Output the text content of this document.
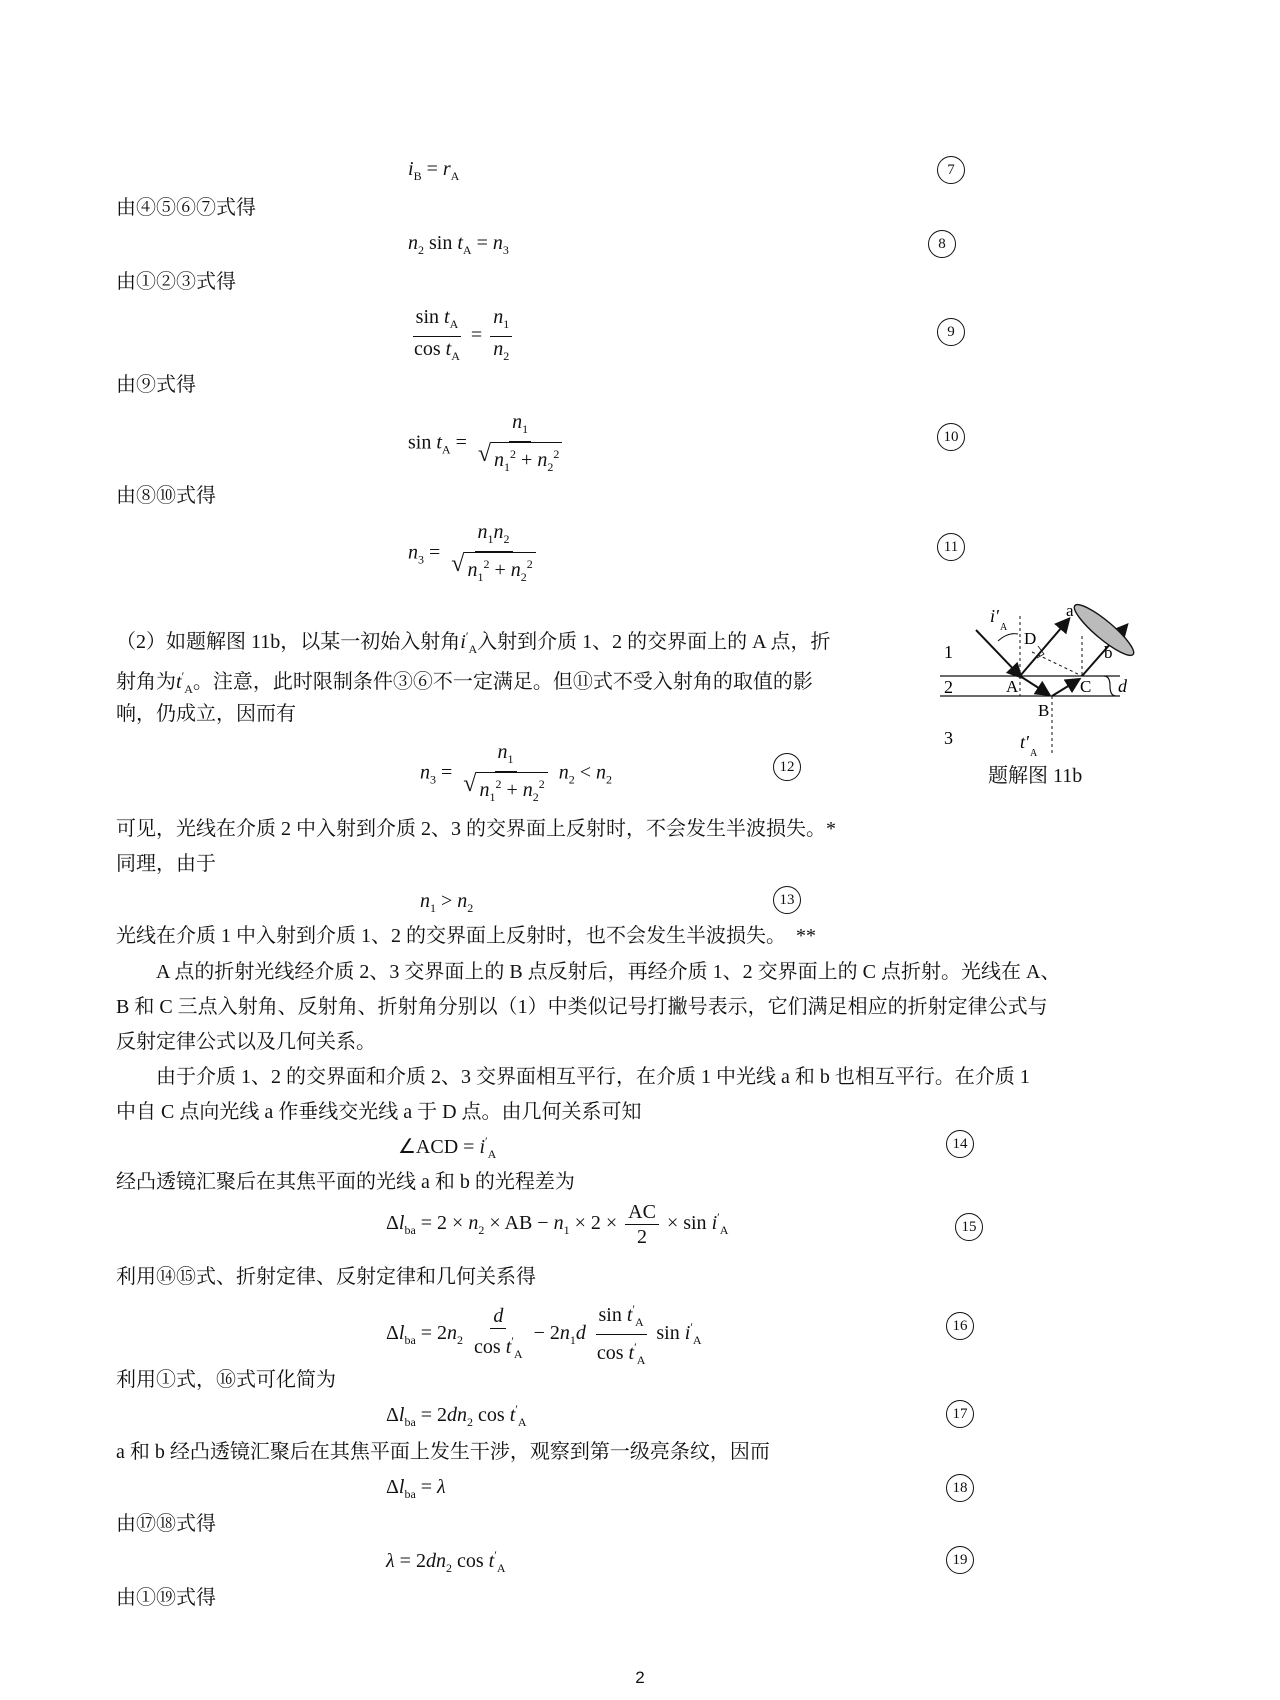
$i_B = r_A$	7
由④⑤⑥⑦式得
$n_2$ $\sin t_A = n_3$	8
由①②③式得
$\frac{\sin t_A}{\cos t_A} = \frac{n_1}{n_2}$	9
由⑨式得
$\sin t_A = \frac{n_1}{√ n_1^2 + n_2^2}$	10
由⑧⑩式得
$n_3 = \frac{n_1n_2}{√ n_1^2 + n_2^2}$	11
（2）如题解图 11b，以某一初始入射角$i'_A$入射到介质 1、2 的交界面上的 A 点，折
射角为$t'_A$。注意，此时限制条件③⑥不一定满足。但⑪式不受入射角的取值的影
响，仍成立，因而有
$n_3 = \frac{n_1}{√ n_1^2 + n_2^2} n_2 < n_2$
12
1
2
3
A
B
C
D
a
b
d
i′
A
t′
A
题解图 11b
可见，光线在介质 2 中入射到介质 2、3 的交界面上反射时，不会发生半波损失。*
同理，由于
$n_1 > n_2$	13
光线在介质 1 中入射到介质 1、2 的交界面上反射时，也不会发生半波损失。　**
A 点的折射光线经介质 2、3 交界面上的 B 点反射后，再经介质 1、2 交界面上的 C 点折射。光线在 A、
B 和 C 三点入射角、反射角、折射角分别以（1）中类似记号打撇号表示，它们满足相应的折射定律公式与
反射定律公式以及几何关系。
由于介质 1、2 的交界面和介质 2、3 交界面相互平行，在介质 1 中光线 a 和 b 也相互平行。在介质 1
中自 C 点向光线 a 作垂线交光线 a 于 D 点。由几何关系可知
∠ACD = $i'_A$
14
经凸透镜汇聚后在其焦平面的光线 a 和 b 的光程差为
$\Delta l_{ba} = 2 \times n_2$ × AB − $n_1 \times 2 \times \frac{AC}{2} \times \sin i'_A$	15
利用⑭⑮式、折射定律、反射定律和几何关系得
$\Delta l_{ba} = 2n_2 \frac{d}{\cos t'_A} - 2n_1d \frac{\sin t'_A}{\cos t'_A}$ $\sin i'_A$
16
利用①式，⑯式可化简为
$\Delta l_{ba} = 2dn_2$ $\cos t'_A$	17
a 和 b 经凸透镜汇聚后在其焦平面上发生干涉，观察到第一级亮条纹，因而
$\Delta l_{ba} = \lambda$	18
由⑰⑱式得
$\lambda = 2dn_2$ $\cos t'_A$	19
由①⑲式得
2
